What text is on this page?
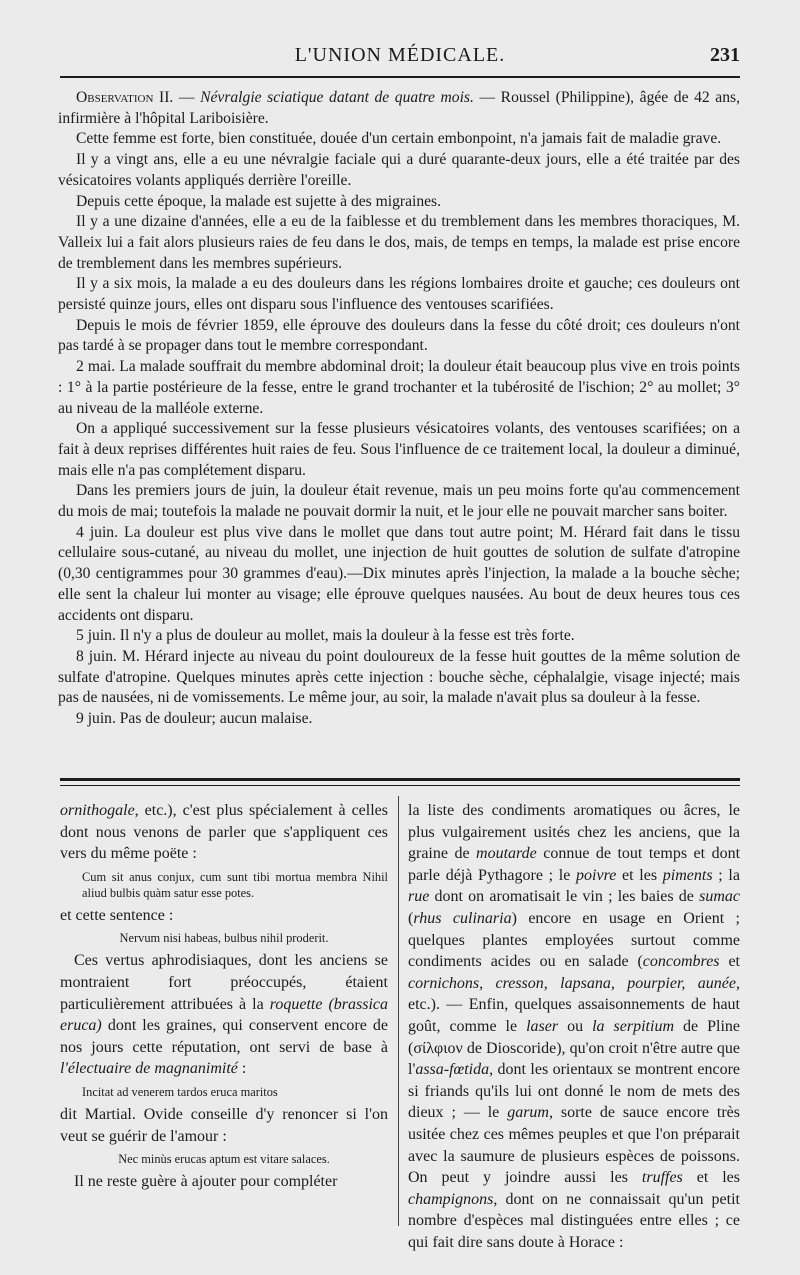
L'UNION MÉDICALE.	231

Observation II. — Névralgie sciatique datant de quatre mois. — Roussel (Philippine), âgée de 42 ans, infirmière à l'hôpital Lariboisière.

Cette femme est forte, bien constituée, douée d'un certain embonpoint, n'a jamais fait de maladie grave.

Il y a vingt ans, elle a eu une névralgie faciale qui a duré quarante-deux jours, elle a été traitée par des vésicatoires volants appliqués derrière l'oreille.

Depuis cette époque, la malade est sujette à des migraines.

Il y a une dizaine d'années, elle a eu de la faiblesse et du tremblement dans les membres thoraciques, M. Valleix lui a fait alors plusieurs raies de feu dans le dos, mais, de temps en temps, la malade est prise encore de tremblement dans les membres supérieurs.

Il y a six mois, la malade a eu des douleurs dans les régions lombaires droite et gauche; ces douleurs ont persisté quinze jours, elles ont disparu sous l'influence des ventouses scarifiées.

Depuis le mois de février 1859, elle éprouve des douleurs dans la fesse du côté droit; ces douleurs n'ont pas tardé à se propager dans tout le membre correspondant.

2 mai. La malade souffrait du membre abdominal droit; la douleur était beaucoup plus vive en trois points : 1° à la partie postérieure de la fesse, entre le grand trochanter et la tubérosité de l'ischion; 2° au mollet; 3° au niveau de la malléole externe.

On a appliqué successivement sur la fesse plusieurs vésicatoires volants, des ventouses scarifiées; on a fait à deux reprises différentes huit raies de feu. Sous l'influence de ce traitement local, la douleur a diminué, mais elle n'a pas complétement disparu.

Dans les premiers jours de juin, la douleur était revenue, mais un peu moins forte qu'au commencement du mois de mai; toutefois la malade ne pouvait dormir la nuit, et le jour elle ne pouvait marcher sans boiter.

4 juin. La douleur est plus vive dans le mollet que dans tout autre point; M. Hérard fait dans le tissu cellulaire sous-cutané, au niveau du mollet, une injection de huit gouttes de solution de sulfate d'atropine (0,30 centigrammes pour 30 grammes d'eau).—Dix minutes après l'injection, la malade a la bouche sèche; elle sent la chaleur lui monter au visage; elle éprouve quelques nausées. Au bout de deux heures tous ces accidents ont disparu.

5 juin. Il n'y a plus de douleur au mollet, mais la douleur à la fesse est très forte.

8 juin. M. Hérard injecte au niveau du point douloureux de la fesse huit gouttes de la même solution de sulfate d'atropine. Quelques minutes après cette injection : bouche sèche, céphalalgie, visage injecté; mais pas de nausées, ni de vomissements. Le même jour, au soir, la malade n'avait plus sa douleur à la fesse.

9 juin. Pas de douleur; aucun malaise.

ornithogale, etc.), c'est plus spécialement à celles dont nous venons de parler que s'appliquent ces vers du même poëte :

Cum sit anus conjux, cum sunt tibi mortua membra Nihil aliud bulbis quàm satur esse potes.

et cette sentence :

Nervum nisi habeas, bulbus nihil proderit.

Ces vertus aphrodisiaques, dont les anciens se montraient fort préoccupés, étaient particulièrement attribuées à la roquette (brassica eruca) dont les graines, qui conservent encore de nos jours cette réputation, ont servi de base à l'électuaire de magnanimité :

Incitat ad venerem tardos eruca maritos

dit Martial. Ovide conseille d'y renoncer si l'on veut se guérir de l'amour :

Nec minùs erucas aptum est vitare salaces.

Il ne reste guère à ajouter pour compléter

la liste des condiments aromatiques ou âcres, le plus vulgairement usités chez les anciens, que la graine de moutarde connue de tout temps et dont parle déjà Pythagore ; le poivre et les piments ; la rue dont on aromatisait le vin ; les baies de sumac (rhus culinaria) encore en usage en Orient ; quelques plantes employées surtout comme condiments acides ou en salade (concombres et cornichons, cresson, lapsana, pourpier, aunée, etc.). — Enfin, quelques assaisonnements de haut goût, comme le laser ou la serpitium de Pline (σίλφιον de Dioscoride), qu'on croit n'être autre que l'assa-fœtida, dont les orientaux se montrent encore si friands qu'ils lui ont donné le nom de mets des dieux ; — le garum, sorte de sauce encore très usitée chez ces mêmes peuples et que l'on préparait avec la saumure de plusieurs espèces de poissons. On peut y joindre aussi les truffes et les champignons, dont on ne connaissait qu'un petit nombre d'espèces mal distinguées entre elles ; ce qui fait dire sans doute à Horace :
